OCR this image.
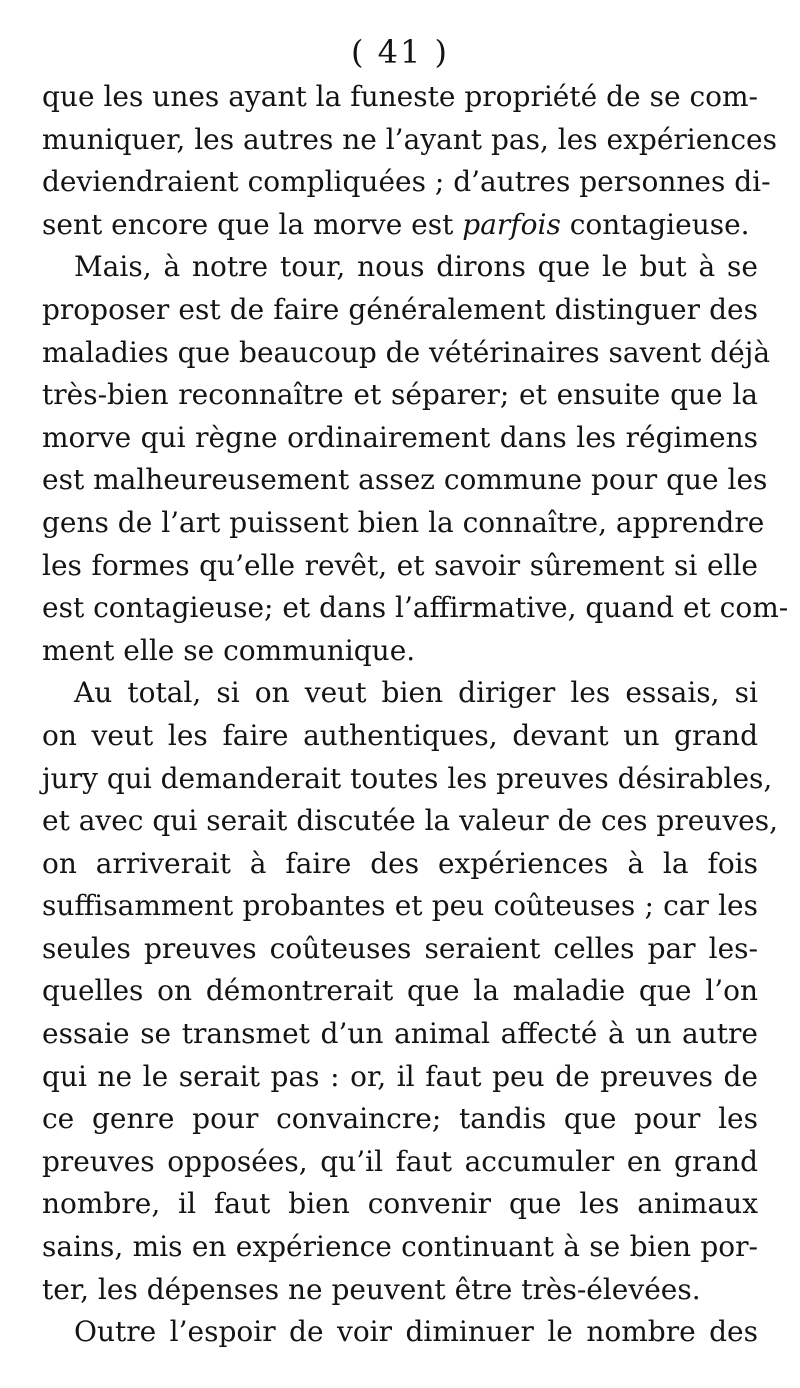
( 41 )
que les unes ayant la funeste propriété de se com-
muniquer, les autres ne l’ayant pas, les expériences
deviendraient compliquées ; d’autres personnes di-
sent encore que la morve est parfois contagieuse.
Mais, à notre tour, nous dirons que le but à se
proposer est de faire généralement distinguer des
maladies que beaucoup de vétérinaires savent déjà
très-bien reconnaître et séparer; et ensuite que la
morve qui règne ordinairement dans les régimens
est malheureusement assez commune pour que les
gens de l’art puissent bien la connaître, apprendre
les formes qu’elle revêt, et savoir sûrement si elle
est contagieuse; et dans l’affirmative, quand et com-
ment elle se communique.
Au total, si on veut bien diriger les essais, si
on veut les faire authentiques, devant un grand
jury qui demanderait toutes les preuves désirables,
et avec qui serait discutée la valeur de ces preuves,
on arriverait à faire des expériences à la fois
suffisamment probantes et peu coûteuses ; car les
seules preuves coûteuses seraient celles par les-
quelles on démontrerait que la maladie que l’on
essaie se transmet d’un animal affecté à un autre
qui ne le serait pas : or, il faut peu de preuves de
ce genre pour convaincre; tandis que pour les
preuves opposées, qu’il faut accumuler en grand
nombre, il faut bien convenir que les animaux
sains, mis en expérience continuant à se bien por-
ter, les dépenses ne peuvent être très-élevées.
Outre l’espoir de voir diminuer le nombre des
